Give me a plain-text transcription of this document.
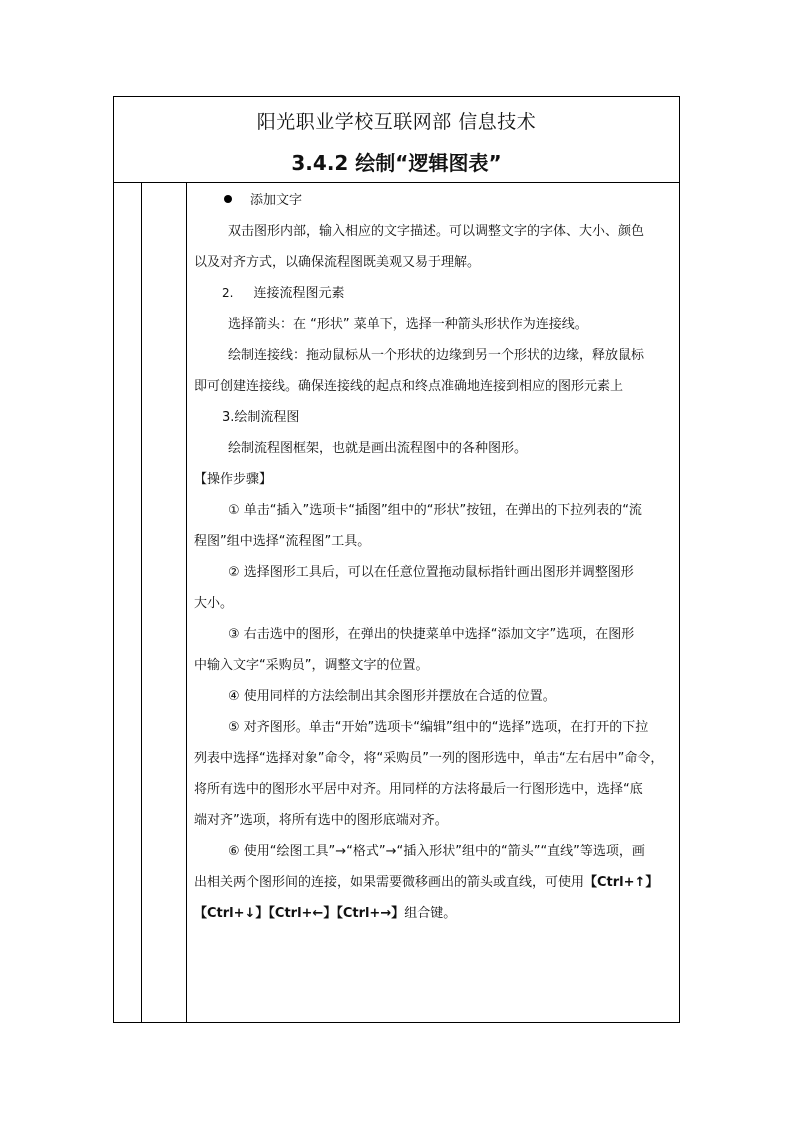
阳光职业学校互联网部 信息技术
3.4.2 绘制“逻辑图表”
添加文字
双击图形内部，输入相应的文字描述。可以调整文字的字体、大小、颜色
以及对齐方式，以确保流程图既美观又易于理解。
2. 连接流程图元素
选择箭头：在 “形状” 菜单下，选择一种箭头形状作为连接线。
绘制连接线：拖动鼠标从一个形状的边缘到另一个形状的边缘，释放鼠标
即可创建连接线。确保连接线的起点和终点准确地连接到相应的图形元素上
3.绘制流程图
绘制流程图框架，也就是画出流程图中的各种图形。
【操作步骤】
① 单击“插入”选项卡“插图”组中的“形状”按钮，在弹出的下拉列表的“流
程图”组中选择“流程图”工具。
② 选择图形工具后，可以在任意位置拖动鼠标指针画出图形并调整图形
大小。
③ 右击选中的图形，在弹出的快捷菜单中选择“添加文字”选项，在图形
中输入文字“采购员”，调整文字的位置。
④ 使用同样的方法绘制出其余图形并摆放在合适的位置。
⑤ 对齐图形。单击“开始”选项卡“编辑”组中的“选择”选项，在打开的下拉
列表中选择“选择对象”命令，将“采购员”一列的图形选中，单击“左右居中”命令，
将所有选中的图形水平居中对齐。用同样的方法将最后一行图形选中，选择“底
端对齐”选项，将所有选中的图形底端对齐。
⑥ 使用“绘图工具”→“格式”→“插入形状”组中的“箭头”“直线”等选项，画
出相关两个图形间的连接，如果需要微移画出的箭头或直线，可使用【Ctrl+↑】
【Ctrl+↓】【Ctrl+←】【Ctrl+→】组合键。
